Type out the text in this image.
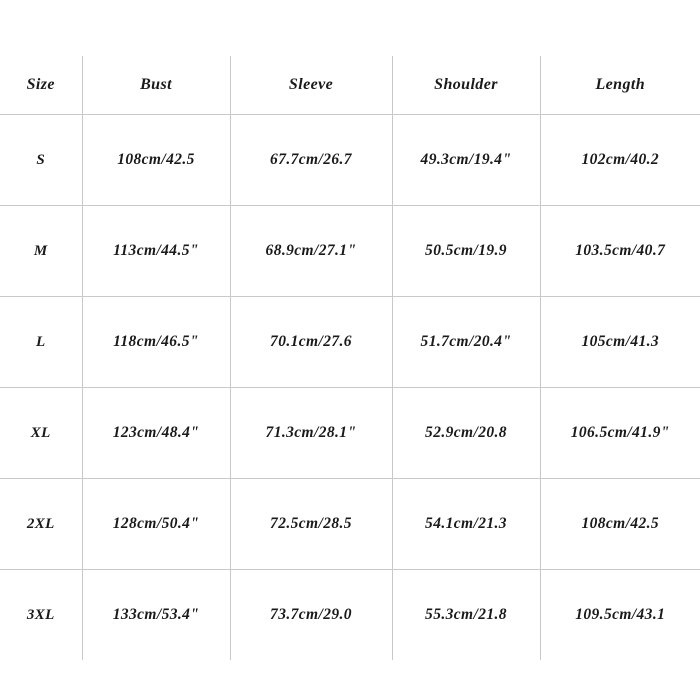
Size	Bust	Sleeve	Shoulder	Length
S	108cm/42.5	67.7cm/26.7	49.3cm/19.4"	102cm/40.2
M	113cm/44.5"	68.9cm/27.1"	50.5cm/19.9	103.5cm/40.7
L	118cm/46.5"	70.1cm/27.6	51.7cm/20.4"	105cm/41.3
XL	123cm/48.4"	71.3cm/28.1"	52.9cm/20.8	106.5cm/41.9"
2XL	128cm/50.4"	72.5cm/28.5	54.1cm/21.3	108cm/42.5
3XL	133cm/53.4"	73.7cm/29.0	55.3cm/21.8	109.5cm/43.1
